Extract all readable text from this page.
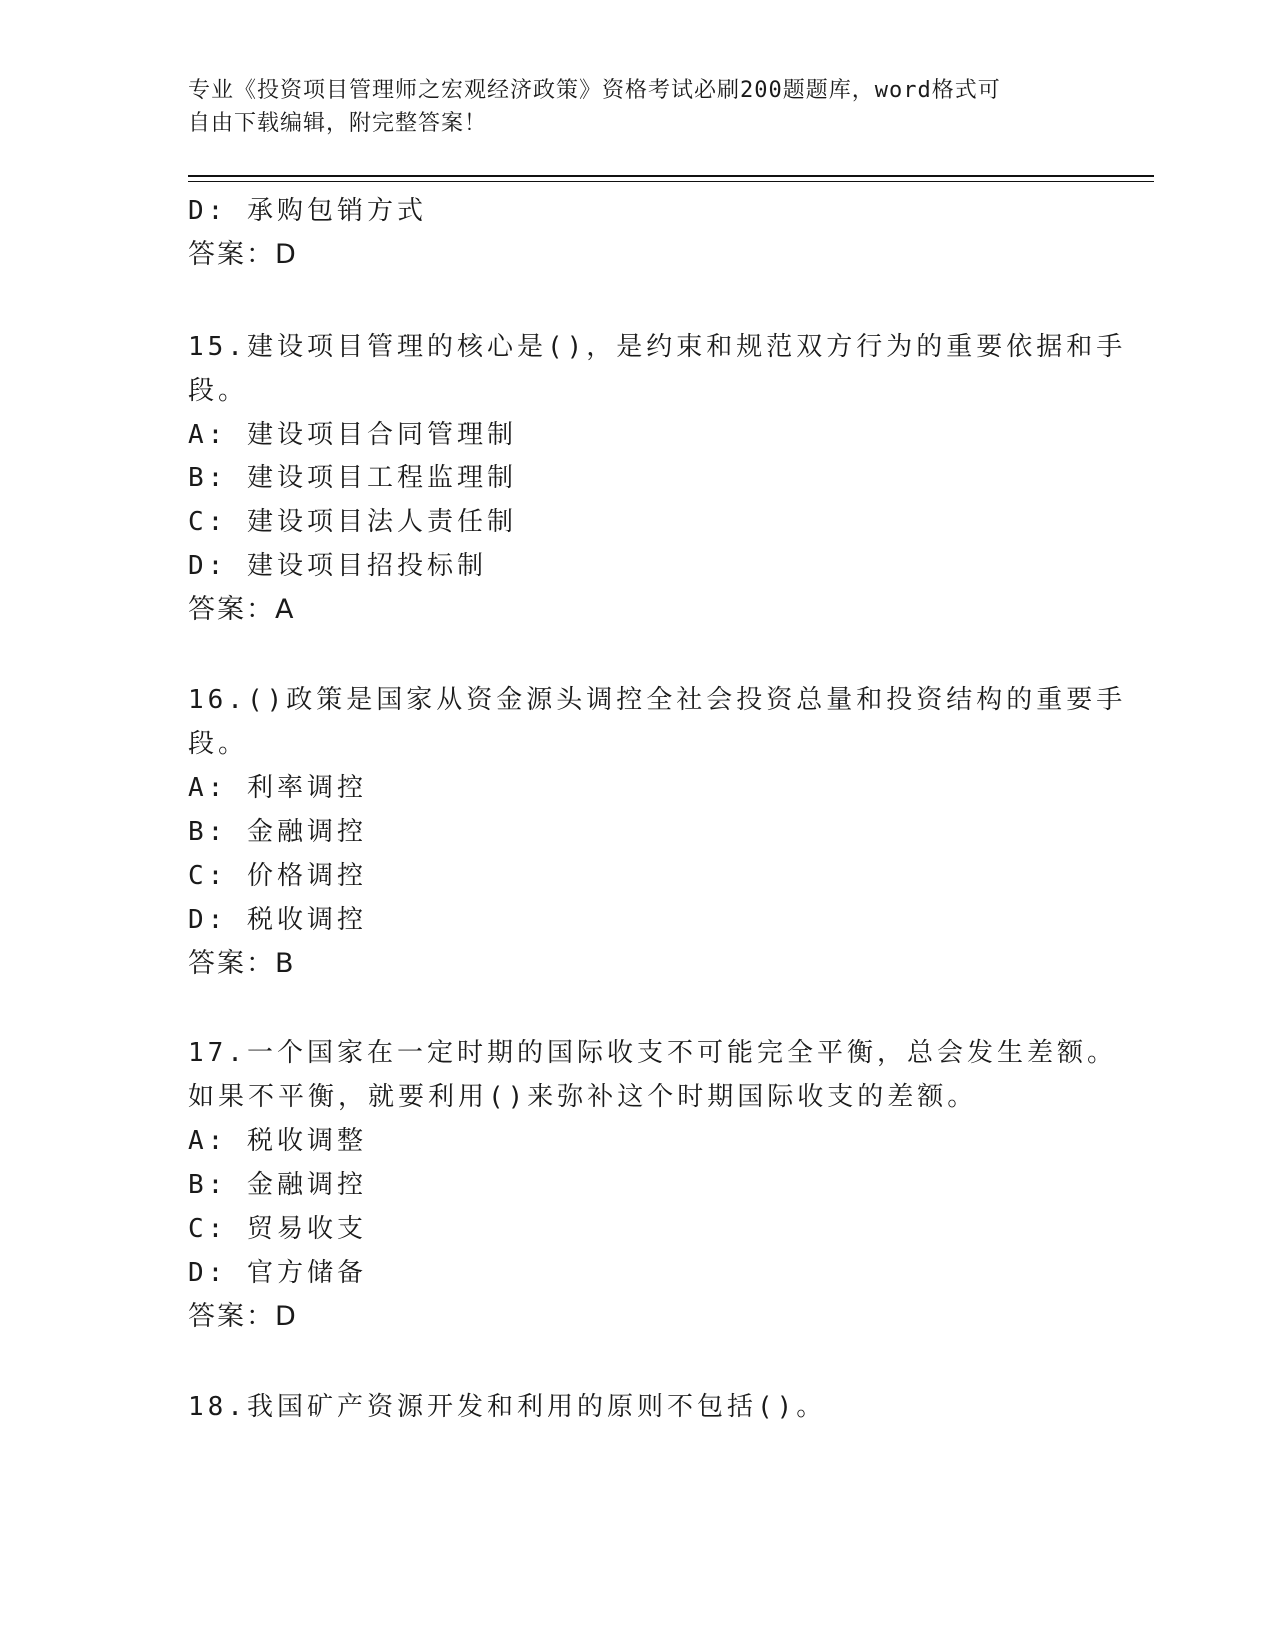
专业《投资项目管理师之宏观经济政策》资格考试必刷200题题库，word格式可
自由下载编辑，附完整答案！
D: 承购包销方式
答案：D
15.建设项目管理的核心是()，是约束和规范双方行为的重要依据和手
段。
A: 建设项目合同管理制
B: 建设项目工程监理制
C: 建设项目法人责任制
D: 建设项目招投标制
答案：A
16.()政策是国家从资金源头调控全社会投资总量和投资结构的重要手
段。
A: 利率调控
B: 金融调控
C: 价格调控
D: 税收调控
答案：B
17.一个国家在一定时期的国际收支不可能完全平衡，总会发生差额。
如果不平衡，就要利用()来弥补这个时期国际收支的差额。
A: 税收调整
B: 金融调控
C: 贸易收支
D: 官方储备
答案：D
18.我国矿产资源开发和利用的原则不包括()。
